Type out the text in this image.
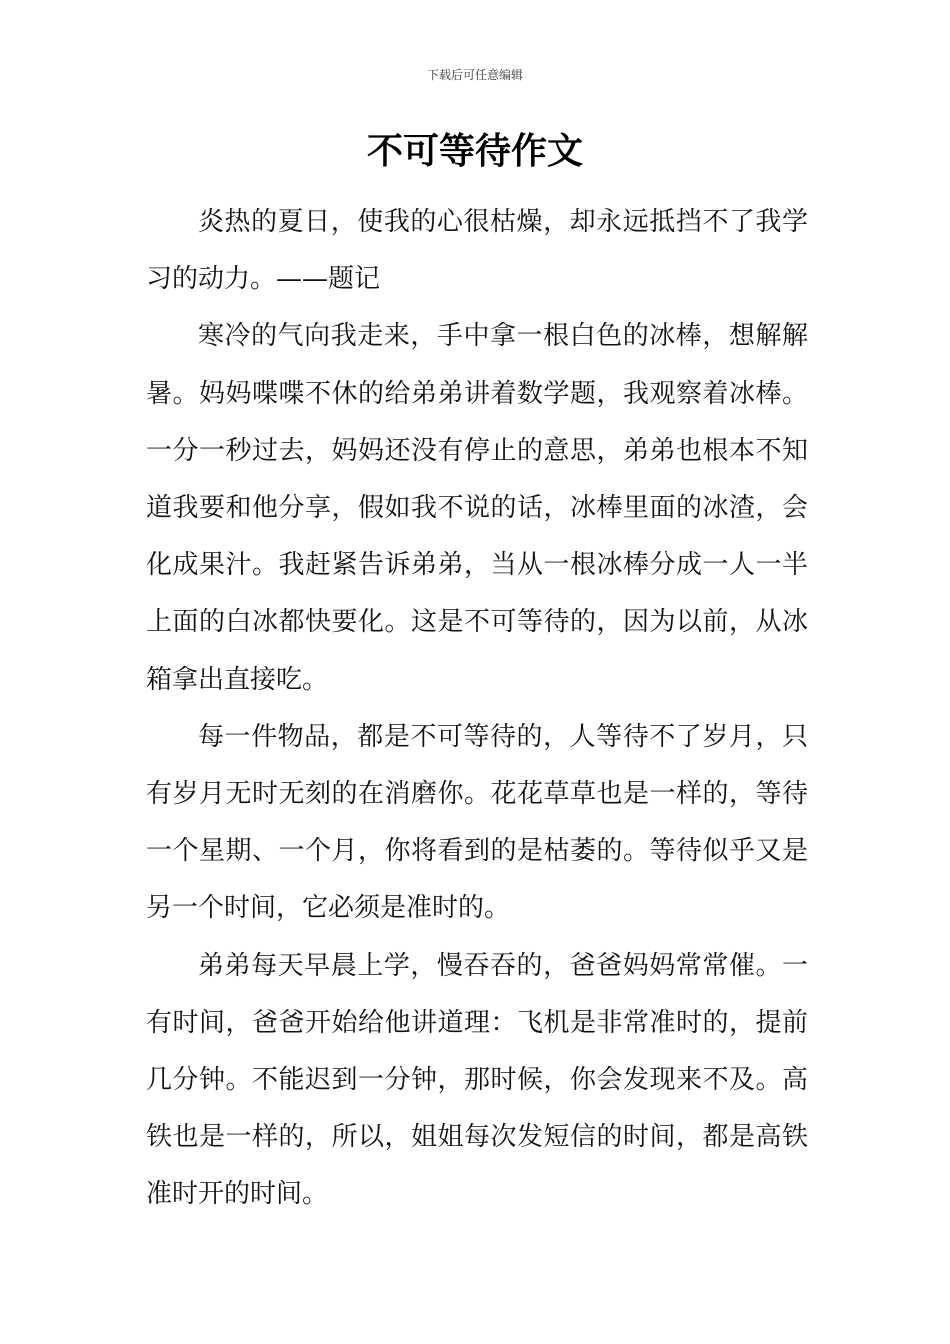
下载后可任意编辑
不可等待作文

炎热的夏日，使我的心很枯燥，却永远抵挡不了我学习的动力。——题记

寒冷的气向我走来，手中拿一根白色的冰棒，想解解暑。妈妈喋喋不休的给弟弟讲着数学题，我观察着冰棒。一分一秒过去，妈妈还没有停止的意思，弟弟也根本不知道我要和他分享，假如我不说的话，冰棒里面的冰渣，会化成果汁。我赶紧告诉弟弟，当从一根冰棒分成一人一半上面的白冰都快要化。这是不可等待的，因为以前，从冰箱拿出直接吃。

每一件物品，都是不可等待的，人等待不了岁月，只有岁月无时无刻的在消磨你。花花草草也是一样的，等待一个星期、一个月，你将看到的是枯萎的。等待似乎又是另一个时间，它必须是准时的。

弟弟每天早晨上学，慢吞吞的，爸爸妈妈常常催。一有时间，爸爸开始给他讲道理：飞机是非常准时的，提前几分钟。不能迟到一分钟，那时候，你会发现来不及。高铁也是一样的，所以，姐姐每次发短信的时间，都是高铁准时开的时间。
